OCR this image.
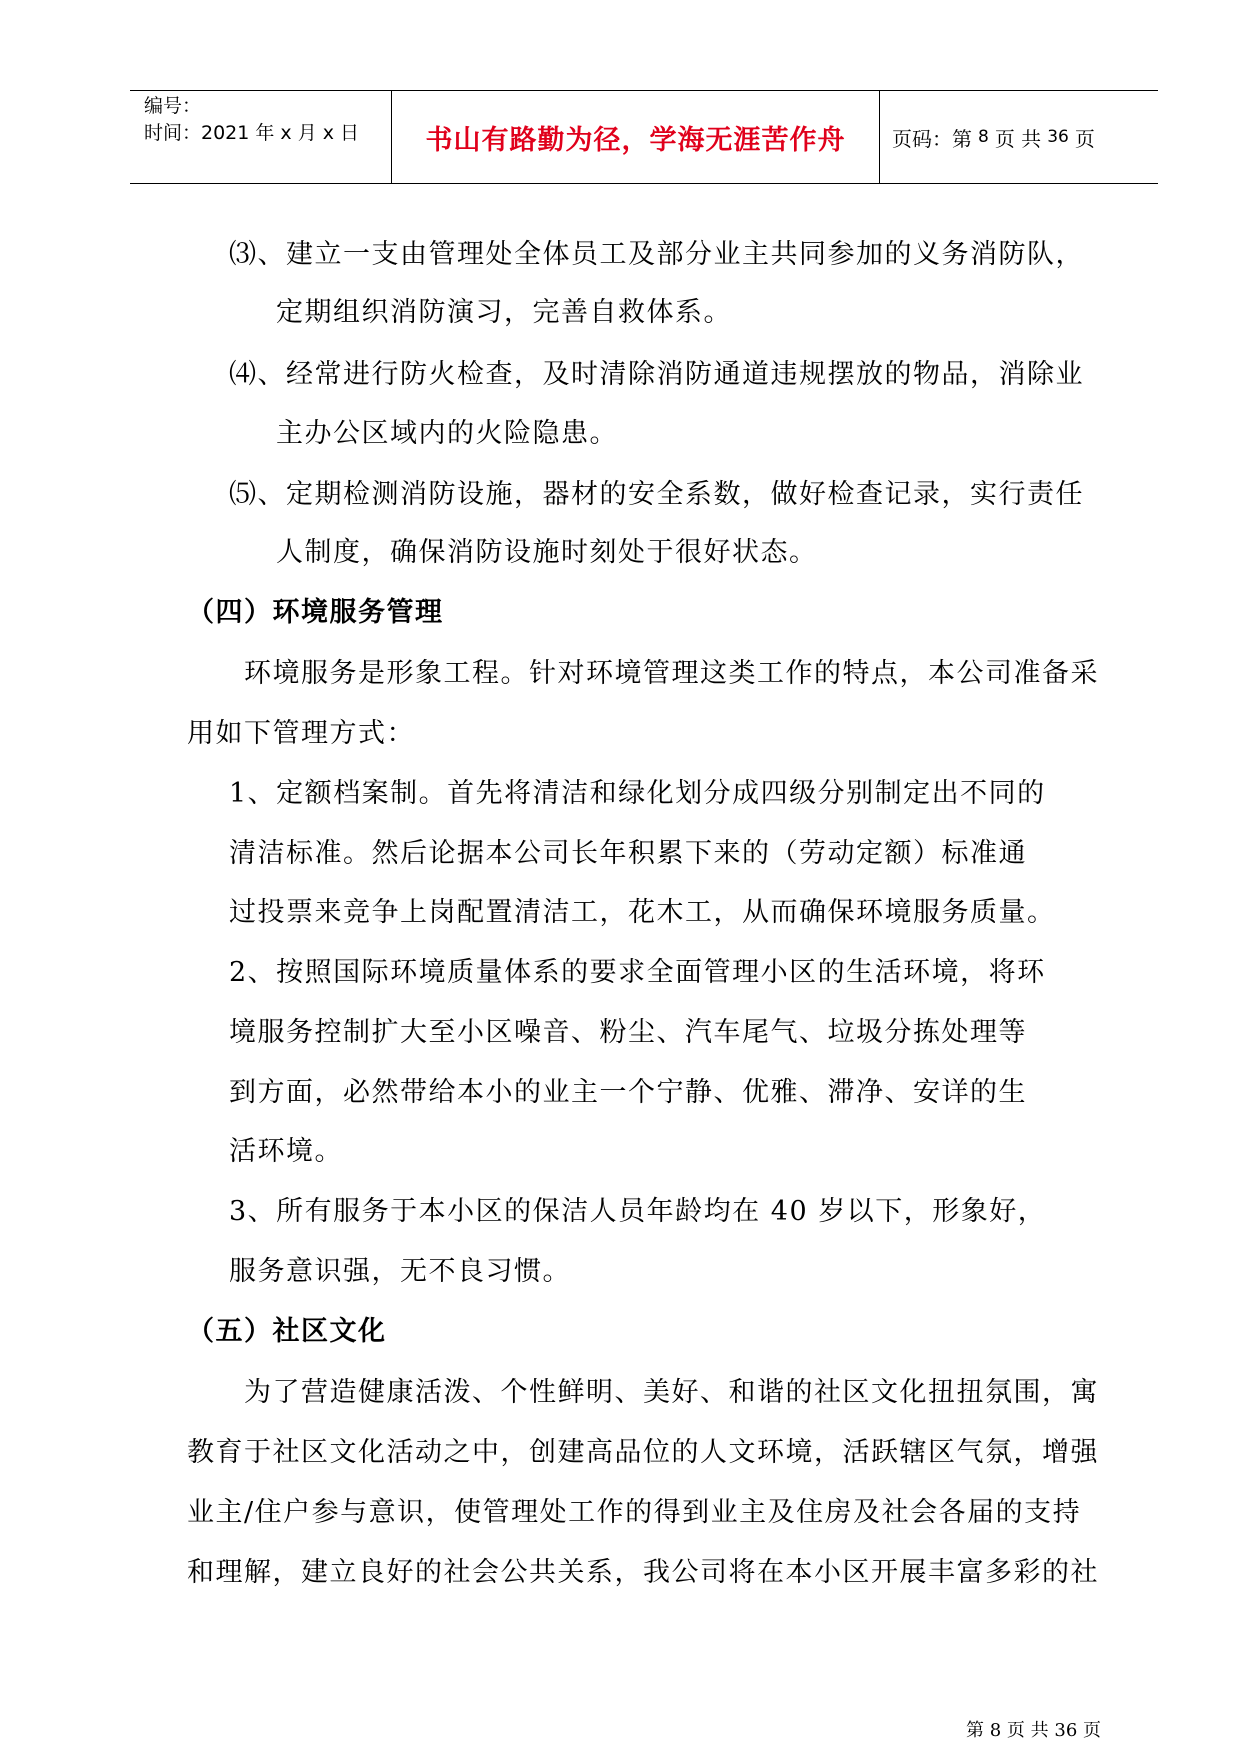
编号：
时间：2021 年 x 月 x 日	书山有路勤为径，学海无涯苦作舟	页码：第 8 页 共 36 页
⑶、建立一支由管理处全体员工及部分业主共同参加的义务消防队，
定期组织消防演习，完善自救体系。
⑷、经常进行防火检查，及时清除消防通道违规摆放的物品，消除业
主办公区域内的火险隐患。
⑸、定期检测消防设施，器材的安全系数，做好检查记录，实行责任
人制度，确保消防设施时刻处于很好状态。
（四）环境服务管理
环境服务是形象工程。针对环境管理这类工作的特点，本公司准备采
用如下管理方式：
1、定额档案制。首先将清洁和绿化划分成四级分别制定出不同的
清洁标准。然后论据本公司长年积累下来的（劳动定额）标准通
过投票来竞争上岗配置清洁工，花木工，从而确保环境服务质量。
2、按照国际环境质量体系的要求全面管理小区的生活环境，将环
境服务控制扩大至小区噪音、粉尘、汽车尾气、垃圾分拣处理等
到方面，必然带给本小的业主一个宁静、优雅、滞净、安详的生
活环境。
3、所有服务于本小区的保洁人员年龄均在 40 岁以下，形象好，
服务意识强，无不良习惯。
（五）社区文化
为了营造健康活泼、个性鲜明、美好、和谐的社区文化扭扭氛围，寓
教育于社区文化活动之中，创建高品位的人文环境，活跃辖区气氛，增强
业主/住户参与意识，使管理处工作的得到业主及住房及社会各届的支持
和理解，建立良好的社会公共关系，我公司将在本小区开展丰富多彩的社
第 8 页 共 36 页
